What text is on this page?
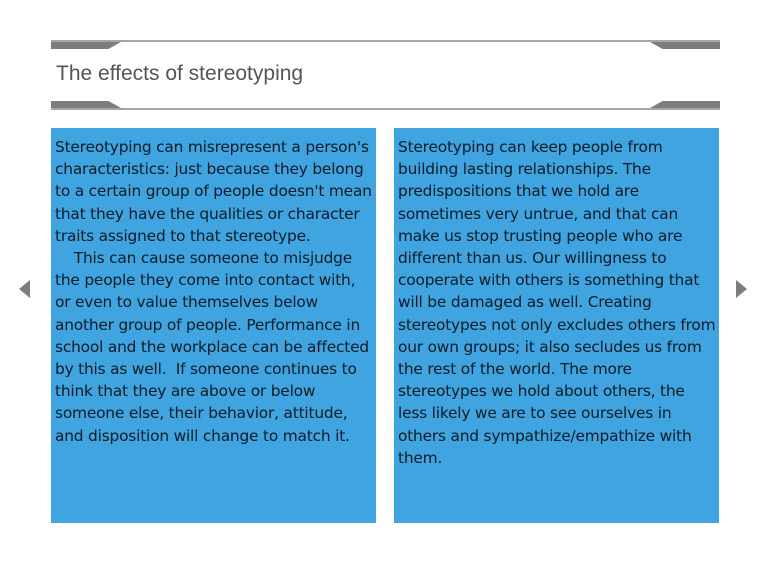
The effects of stereotyping

Stereotyping can misrepresent a person's characteristics: just because they belong to a certain group of people doesn't mean that they have the qualities or character traits assigned to that stereotype.
This can cause someone to misjudge the people they come into contact with, or even to value themselves below another group of people. Performance in school and the workplace can be affected by this as well.  If someone continues to think that they are above or below someone else, their behavior, attitude, and disposition will change to match it.

Stereotyping can keep people from building lasting relationships. The predispositions that we hold are sometimes very untrue, and that can make us stop trusting people who are different than us. Our willingness to cooperate with others is something that will be damaged as well. Creating stereotypes not only excludes others from our own groups; it also secludes us from the rest of the world. The more stereotypes we hold about others, the less likely we are to see ourselves in others and sympathize/empathize with them.
